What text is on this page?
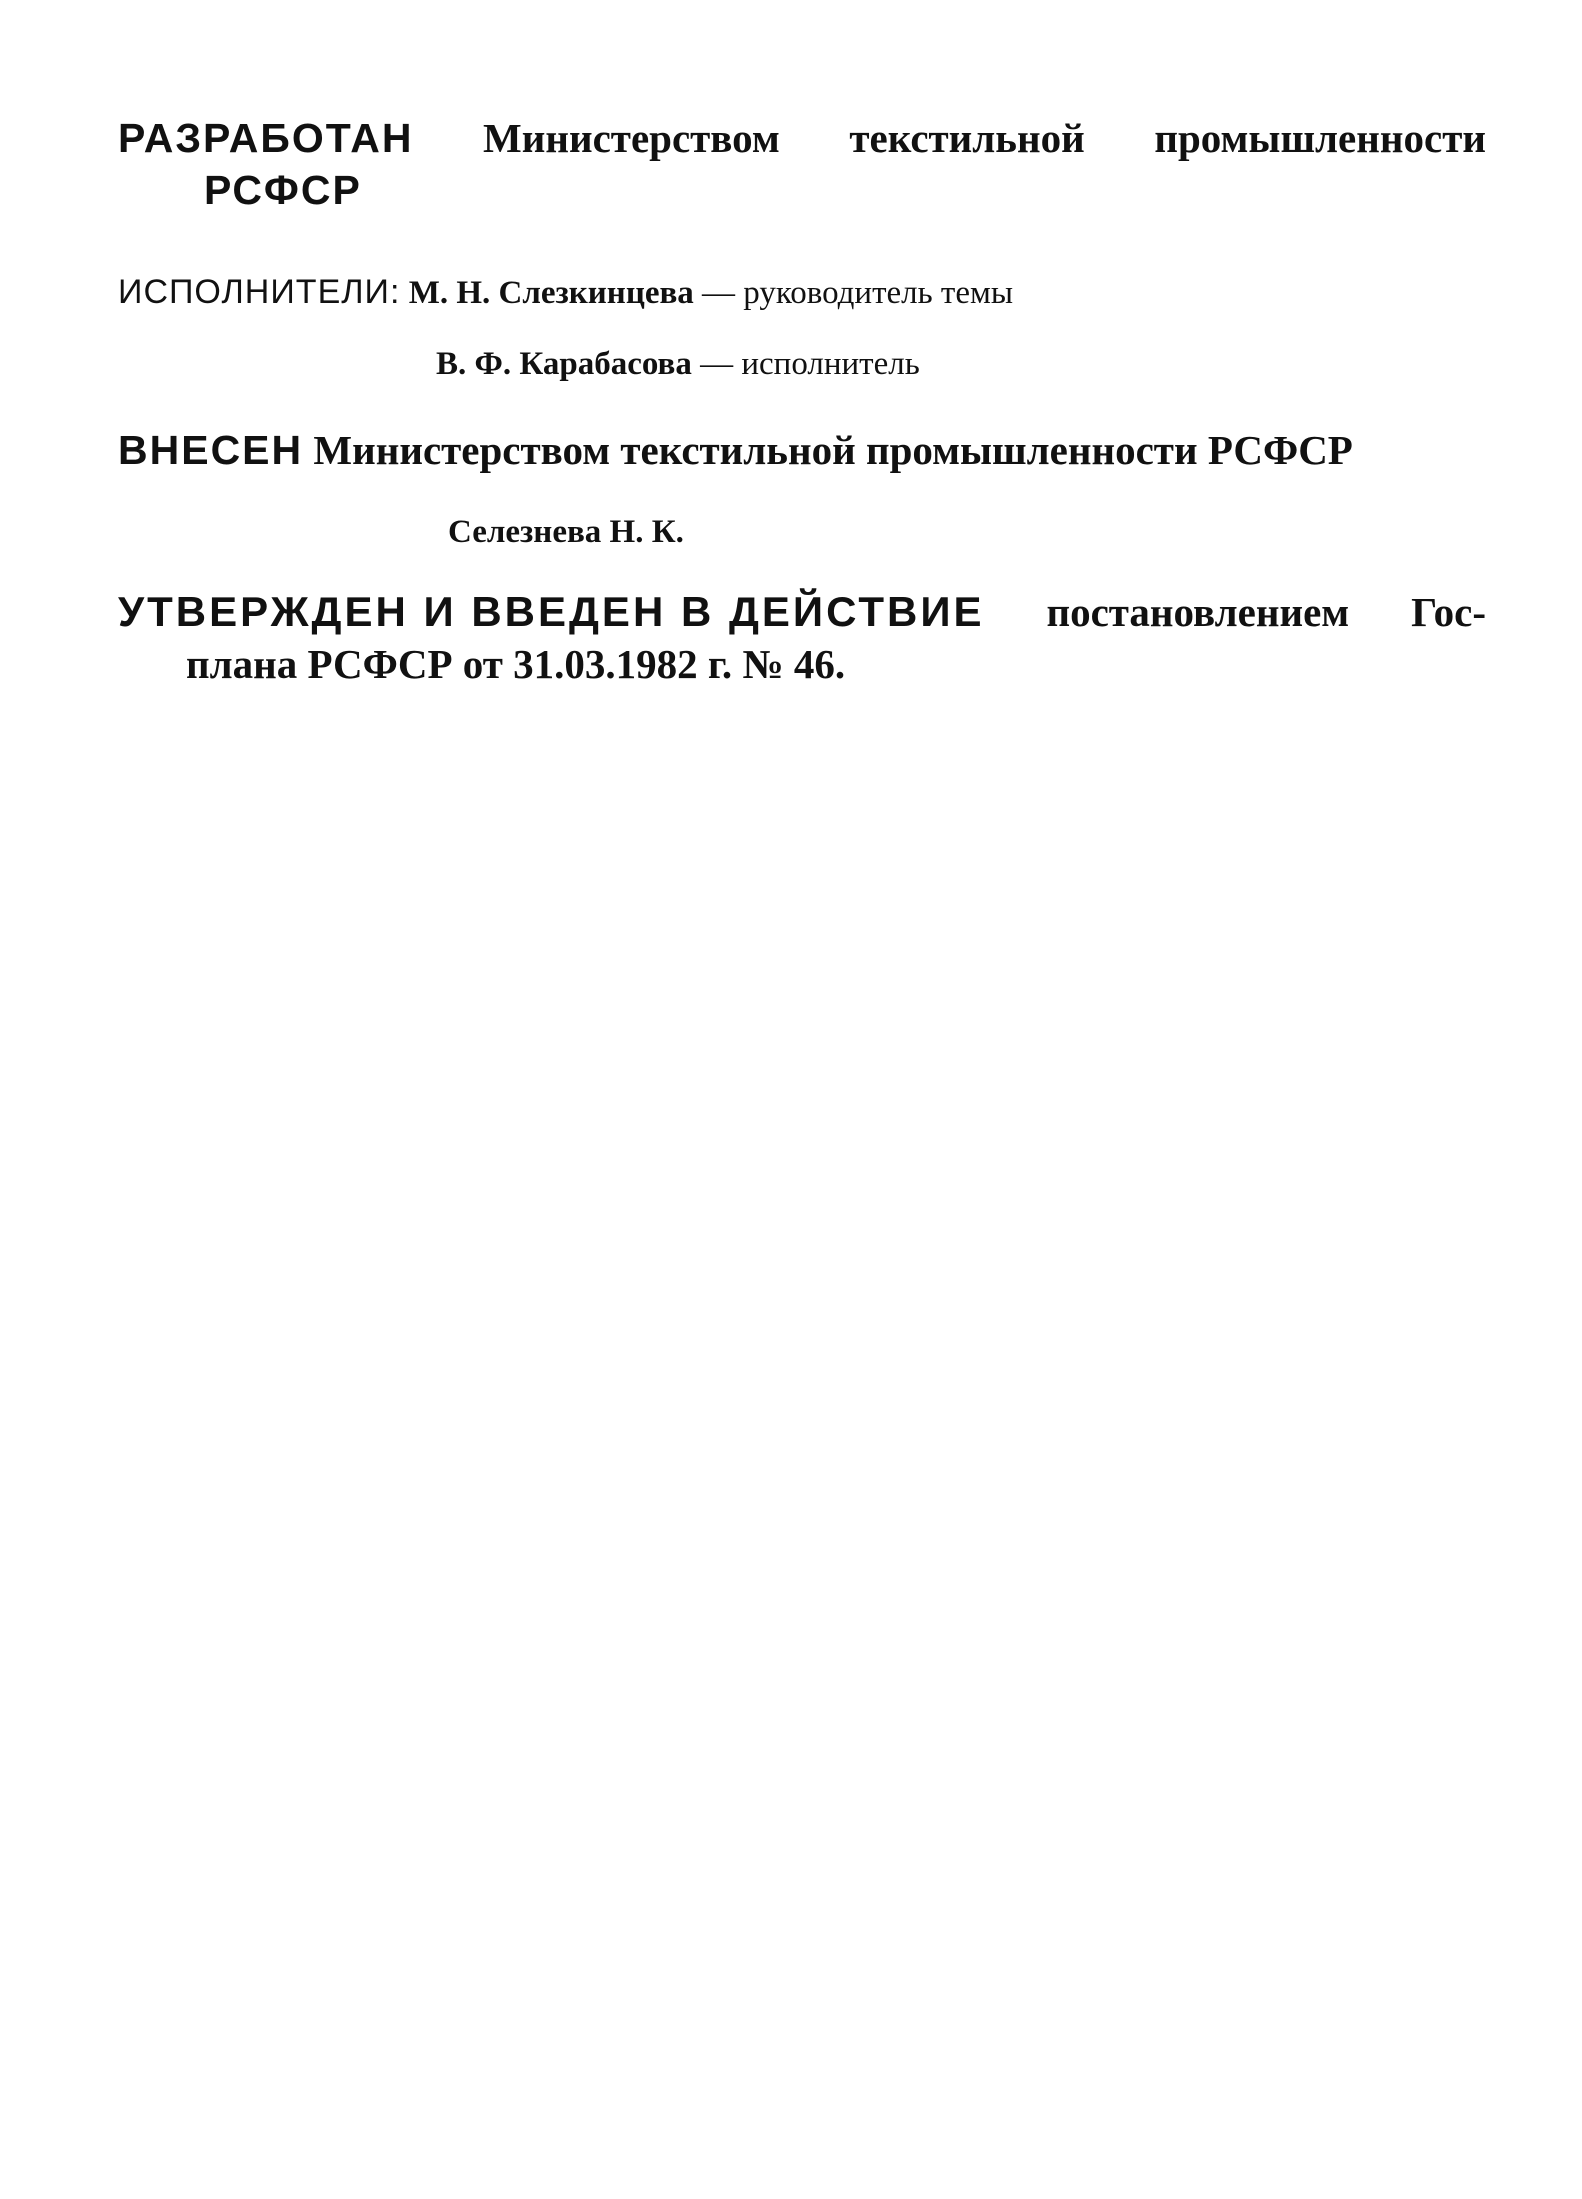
РАЗРАБОТАН Министерством текстильной промышленности
РСФСР
ИСПОЛНИТЕЛИ: М. Н. Слезкинцева — руководитель темы
В. Ф. Карабасова — исполнитель
ВНЕСЕН Министерством текстильной промышленности РСФСР
Селезнева Н. К.
УТВЕРЖДЕН И ВВЕДЕН В ДЕЙСТВИЕ постановлением Гос-
плана РСФСР от 31.03.1982 г. № 46.
